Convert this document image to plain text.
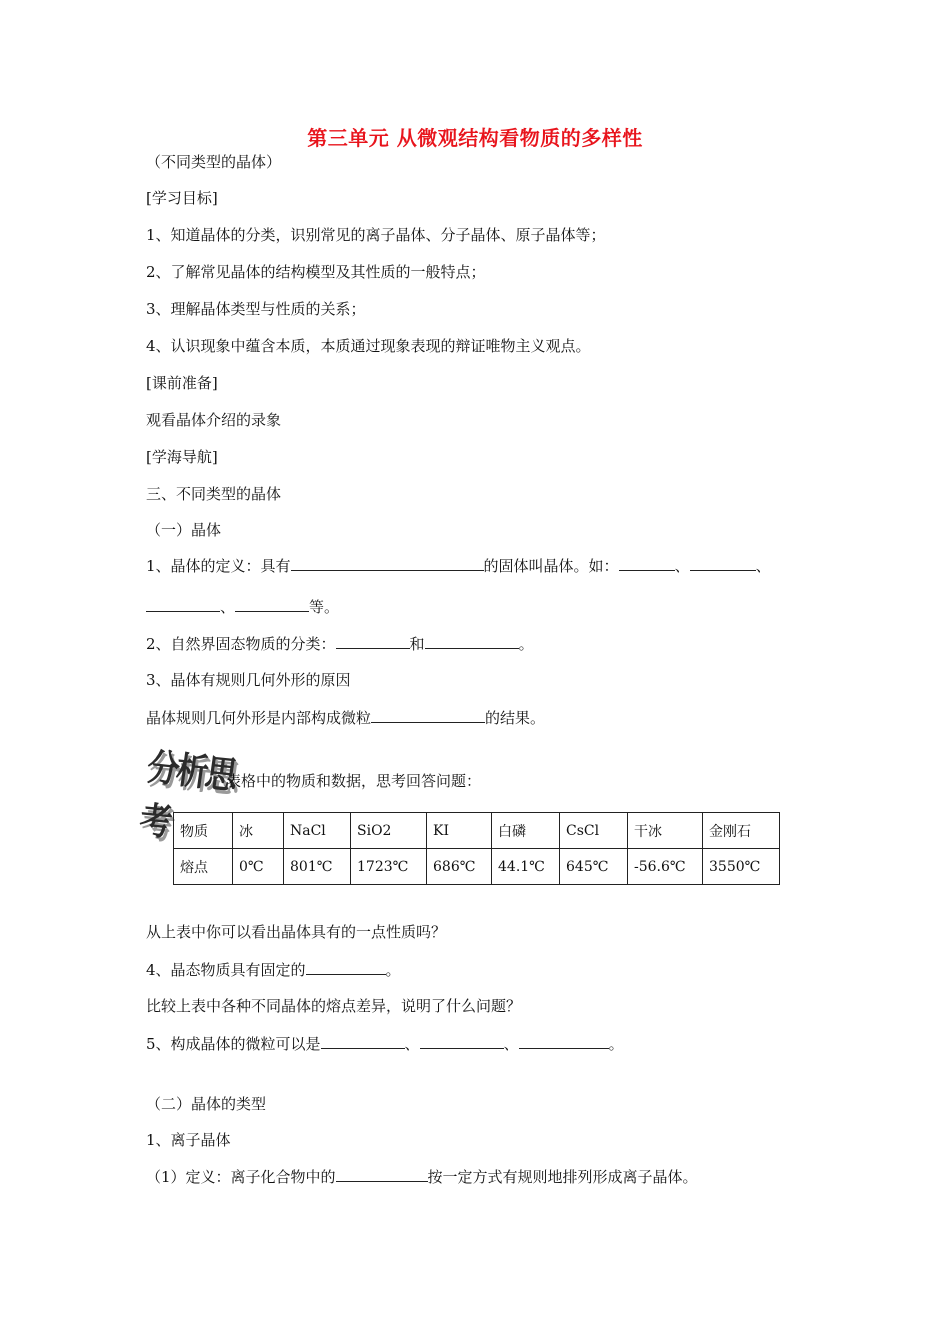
第三单元 从微观结构看物质的多样性
（不同类型的晶体）
[学习目标]
1、知道晶体的分类，识别常见的离子晶体、分子晶体、原子晶体等；
2、了解常见晶体的结构模型及其性质的一般特点；
3、理解晶体类型与性质的关系；
4、认识现象中蕴含本质，本质通过现象表现的辩证唯物主义观点。
[课前准备]
观看晶体介绍的录象
[学海导航]
三、不同类型的晶体
（一）晶体
1、晶体的定义：具有	的固体叫晶体。如：	、	、
、	等。
2、自然界固态物质的分类：	和	。
3、晶体有规则几何外形的原因
晶体规则几何外形是内部构成微粒	的结果。
分析思考
表格中的物质和数据，思考回答问题：
物质	冰	NaCl	SiO2	KI	白磷	CsCl	干冰	金刚石
熔点	0℃	801℃	1723℃	686℃	44.1℃	645℃	-56.6℃	3550℃
从上表中你可以看出晶体具有的一点性质吗？
4、晶态物质具有固定的	。
比较上表中各种不同晶体的熔点差异，说明了什么问题？
5、构成晶体的微粒可以是	、	、	。
（二）晶体的类型
1、离子晶体
（1）定义：离子化合物中的	按一定方式有规则地排列形成离子晶体。
